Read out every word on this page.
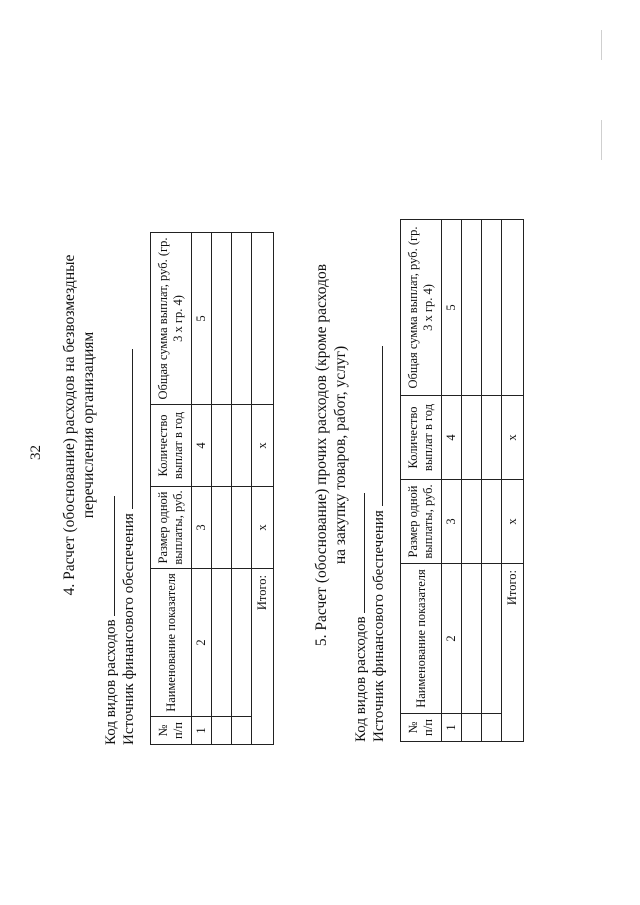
32 4. Расчет (обоснование) расходов на безвозмездные перечисления организациям
Код видов расходов Источник финансового обеспечения № п/п	Наименование показателя	Размер одной выплаты, руб.	Количество выплат в год	Общая сумма выплат, руб. (гр. 3 х гр. 4)
1	2	3	4	5

	Итого:	х	х		5. Расчет (обоснование) прочих расходов (кроме расходов на закупку товаров, работ, услуг)
Код видов расходов Источник финансового обеспечения № п/п	Наименование показателя	Размер одной выплаты, руб.	Количество выплат в год	Общая сумма выплат, руб. (гр. 3 х гр. 4)
1	2	3	4	5

	Итого:	х	х	
